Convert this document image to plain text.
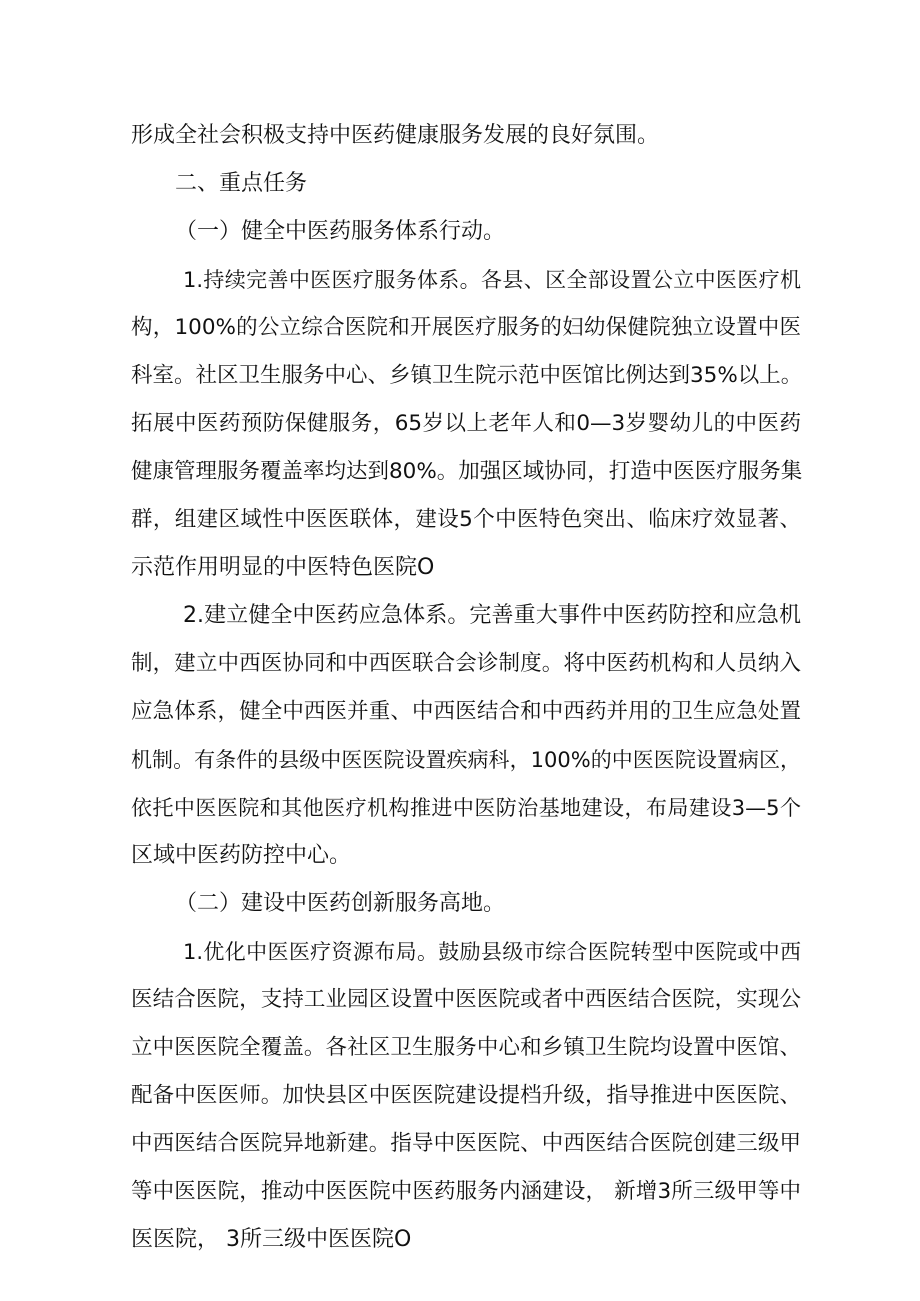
形成全社会积极支持中医药健康服务发展的良好氛围。
二、重点任务
（一）健全中医药服务体系行动。
1.持续完善中医医疗服务体系。各县、区全部设置公立中医医疗机
构，100%的公立综合医院和开展医疗服务的妇幼保健院独立设置中医
科室。社区卫生服务中心、乡镇卫生院示范中医馆比例达到35%以上。
拓展中医药预防保健服务，65岁以上老年人和0—3岁婴幼儿的中医药
健康管理服务覆盖率均达到80%。加强区域协同，打造中医医疗服务集
群，组建区域性中医医联体，建设5个中医特色突出、临床疗效显著、
示范作用明显的中医特色医院O
2.建立健全中医药应急体系。完善重大事件中医药防控和应急机
制，建立中西医协同和中西医联合会诊制度。将中医药机构和人员纳入
应急体系，健全中西医并重、中西医结合和中西药并用的卫生应急处置
机制。有条件的县级中医医院设置疾病科，100%的中医医院设置病区，
依托中医医院和其他医疗机构推进中医防治基地建设，布局建设3—5个
区域中医药防控中心。
（二）建设中医药创新服务高地。
1.优化中医医疗资源布局。鼓励县级市综合医院转型中医院或中西
医结合医院，支持工业园区设置中医医院或者中西医结合医院，实现公
立中医医院全覆盖。各社区卫生服务中心和乡镇卫生院均设置中医馆、
配备中医医师。加快县区中医医院建设提档升级，指导推进中医医院、
中西医结合医院异地新建。指导中医医院、中西医结合医院创建三级甲
等中医医院，推动中医医院中医药服务内涵建设， 新增3所三级甲等中
医医院， 3所三级中医医院O
